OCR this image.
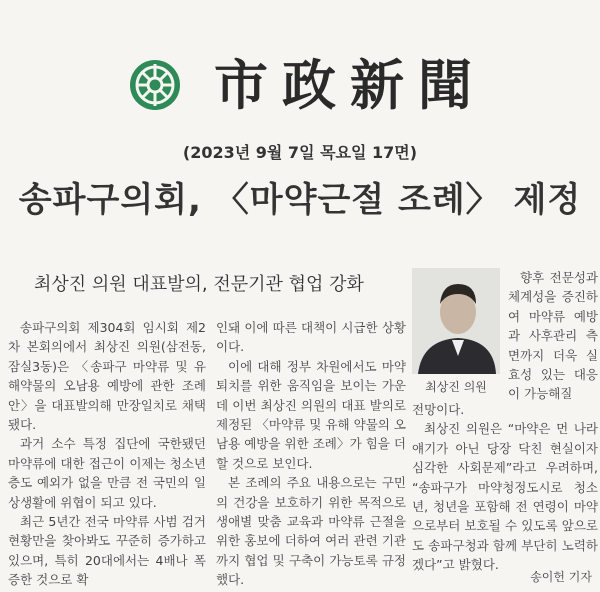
市政新聞
(2023년 9월 7일 목요일 17면)
송파구의회, 〈마약근절 조례〉 제정
최상진 의원 대표발의, 전문기관 협업 강화

송파구의회 제304회 임시회 제2차 본회의에서 최상진 의원(삼전동, 잠실3동)은 〈송파구 마약류 및 유해약물의 오남용 예방에 관한 조례안〉을 대표발의해 만장일치로 채택됐다.

과거 소수 특정 집단에 국한됐던 마약류에 대한 접근이 이제는 청소년층도 예외가 없을 만큼 전 국민의 일상생활에 위협이 되고 있다.

최근 5년간 전국 마약류 사범 검거 현황만을 찾아봐도 꾸준히 증가하고 있으며, 특히 20대에서는 4배나 폭증한 것으로 확

인돼 이에 따른 대책이 시급한 상황이다.

이에 대해 정부 차원에서도 마약 퇴치를 위한 움직임을 보이는 가운데 이번 최상진 의원의 대표 발의로 제정된 〈마약류 및 유해 약물의 오남용 예방을 위한 조례〉가 힘을 더할 것으로 보인다.

본 조례의 주요 내용으로는 구민의 건강을 보호하기 위한 목적으로 생애별 맞춤 교육과 마약류 근절을 위한 홍보에 더하여 여러 관련 기관까지 협업 및 구축이 가능토록 규정했다.

최상진 의원

향후 전문성과 체계성을 증진하여 마약류 예방과 사후관리 측면까지 더욱 실효성 있는 대응이 가능해질

전망이다.

최상진 의원은 “마약은 먼 나라 얘기가 아닌 당장 닥친 현실이자 심각한 사회문제”라고 우려하며, “송파구가 마약청정도시로 청소년, 청년을 포함해 전 연령이 마약으로부터 보호될 수 있도록 앞으로도 송파구청과 함께 부단히 노력하겠다”고 밝혔다.

송이헌 기자
